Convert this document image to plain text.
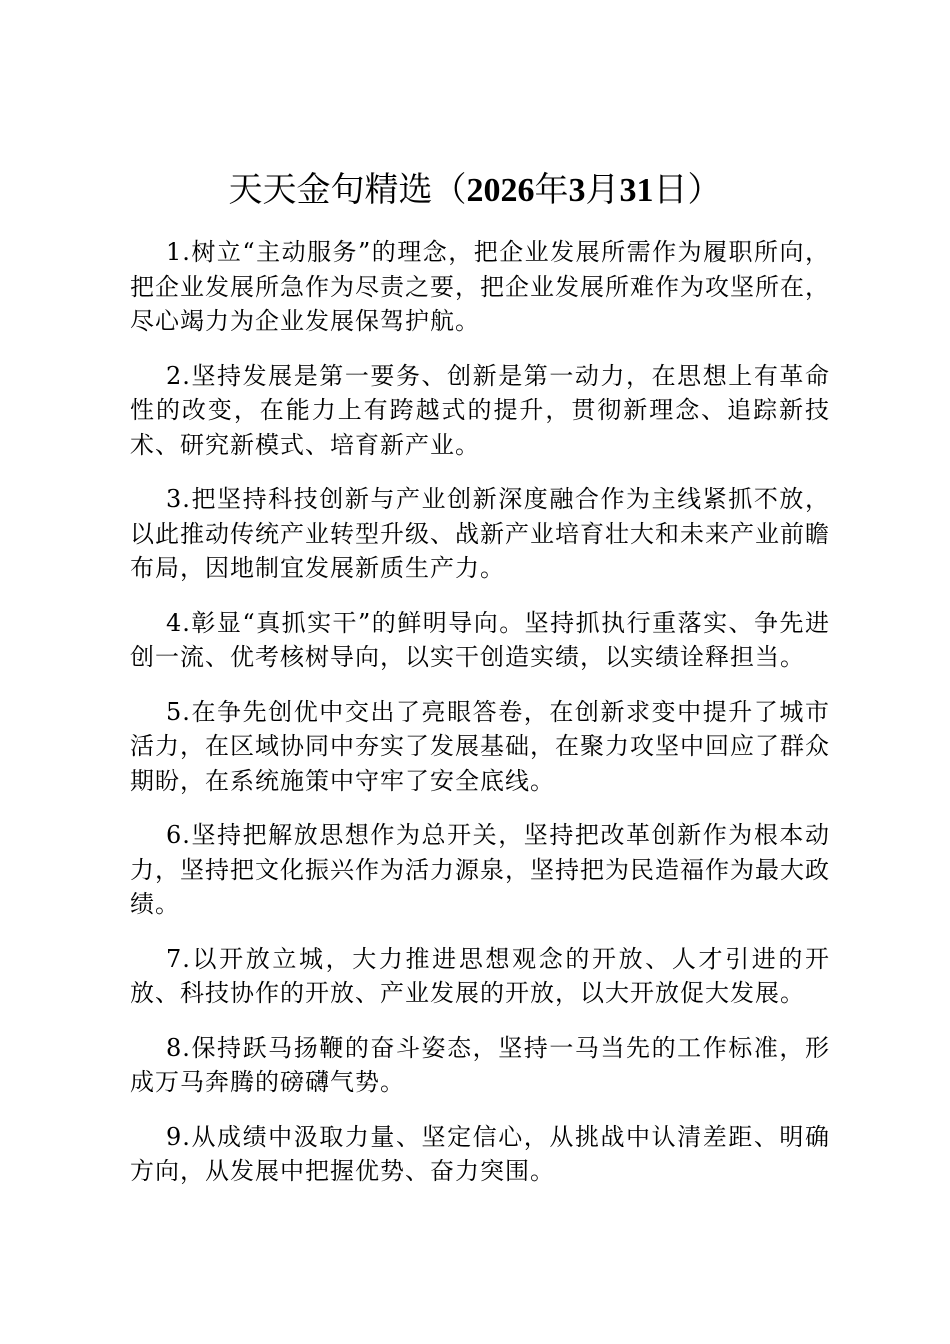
天天金句精选（2026年3月31日）

1.树立“主动服务”的理念，把企业发展所需作为履职所向，把企业发展所急作为尽责之要，把企业发展所难作为攻坚所在，尽心竭力为企业发展保驾护航。

2.坚持发展是第一要务、创新是第一动力，在思想上有革命性的改变，在能力上有跨越式的提升，贯彻新理念、追踪新技术、研究新模式、培育新产业。

3.把坚持科技创新与产业创新深度融合作为主线紧抓不放，以此推动传统产业转型升级、战新产业培育壮大和未来产业前瞻布局，因地制宜发展新质生产力。

4.彰显“真抓实干”的鲜明导向。坚持抓执行重落实、争先进创一流、优考核树导向，以实干创造实绩，以实绩诠释担当。

5.在争先创优中交出了亮眼答卷，在创新求变中提升了城市活力，在区域协同中夯实了发展基础，在聚力攻坚中回应了群众期盼，在系统施策中守牢了安全底线。

6.坚持把解放思想作为总开关，坚持把改革创新作为根本动力，坚持把文化振兴作为活力源泉，坚持把为民造福作为最大政绩。

7.以开放立城，大力推进思想观念的开放、人才引进的开放、科技协作的开放、产业发展的开放，以大开放促大发展。

8.保持跃马扬鞭的奋斗姿态，坚持一马当先的工作标准，形成万马奔腾的磅礴气势。

9.从成绩中汲取力量、坚定信心，从挑战中认清差距、明确方向，从发展中把握优势、奋力突围。
